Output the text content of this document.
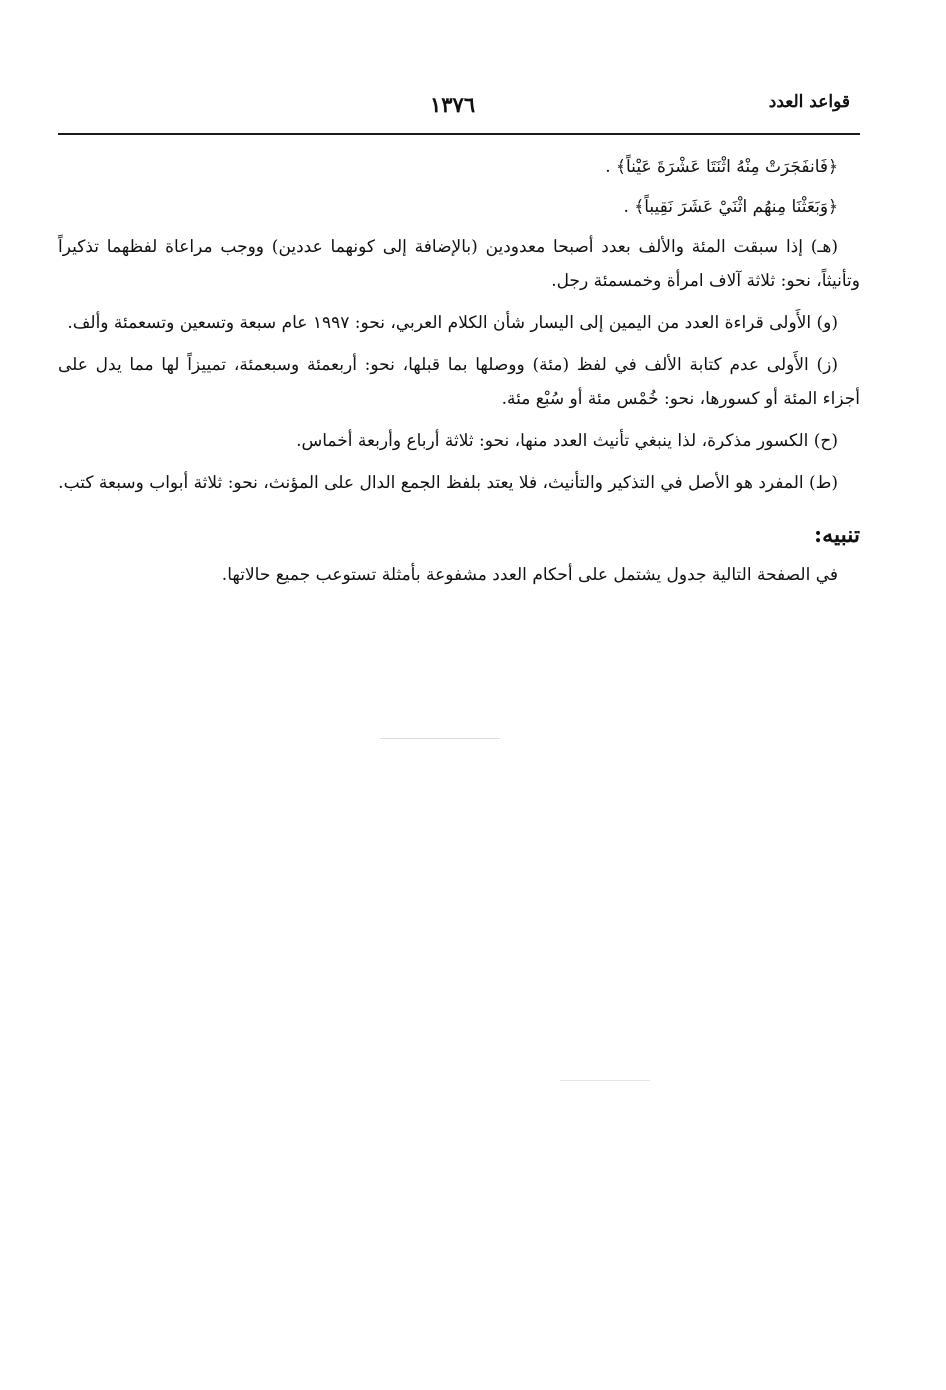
قواعد العدد
١٣٧٦

﴿فَانفَجَرَتْ مِنْهُ اثْنَتَا عَشْرَةَ عَيْناً﴾ .

﴿وَبَعَثْنَا مِنهُم اثْنَيْ عَشَرَ نَقِيباً﴾ .

(هـ) إذا سبقت المئة والألف بعدد أصبحا معدودين (بالإضافة إلى كونهما عددين) ووجب مراعاة لفظهما تذكيراً وتأنيثاً، نحو: ثلاثة آلاف امرأة وخمسمئة رجل.

(و) الأَولى قراءة العدد من اليمين إلى اليسار شأن الكلام العربي، نحو: ١٩٩٧ عام سبعة وتسعين وتسعمئة وألف.

(ز) الأَولى عدم كتابة الألف في لفظ (مئة) ووصلها بما قبلها، نحو: أربعمئة وسبعمئة، تمييزاً لها مما يدل على أجزاء المئة أو كسورها، نحو: خُمْس مئة أو سُبْع مئة.

(ح) الكسور مذكرة، لذا ينبغي تأنيث العدد منها، نحو: ثلاثة أرباع وأربعة أخماس.

(ط) المفرد هو الأصل في التذكير والتأنيث، فلا يعتد بلفظ الجمع الدال على المؤنث، نحو: ثلاثة أبواب وسبعة كتب.

تنبيه:

في الصفحة التالية جدول يشتمل على أحكام العدد مشفوعة بأمثلة تستوعب جميع حالاتها.
